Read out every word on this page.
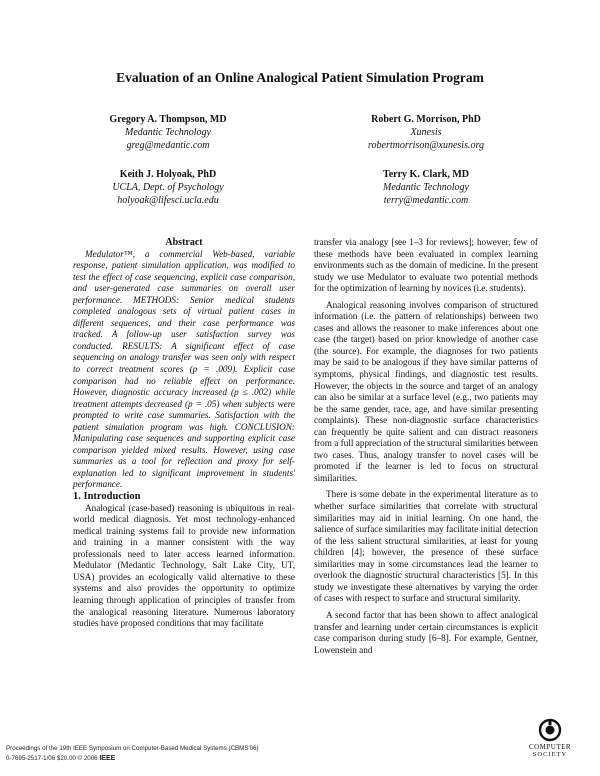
Evaluation of an Online Analogical Patient Simulation Program
Gregory A. Thompson, MD
Medantic Technology
greg@medantic.com
Robert G. Morrison, PhD
Xunesis
robertmorrison@xunesis.org
Keith J. Holyoak, PhD
UCLA, Dept. of Psychology
holyoak@lifesci.ucla.edu
Terry K. Clark, MD
Medantic Technology
terry@medantic.com

Abstract

Medulator™, a commercial Web-based, variable response, patient simulation application, was modified to test the effect of case sequencing, explicit case comparison, and user-generated case summaries on overall user performance. METHODS: Senior medical students completed analogous sets of virtual patient cases in different sequences, and their case performance was tracked. A follow-up user satisfaction survey was conducted. RESULTS: A significant effect of case sequencing on analogy transfer was seen only with respect to correct treatment scores (p = .009). Explicit case comparison had no reliable effect on performance. However, diagnostic accuracy increased (p ≤ .002) while treatment attempts decreased (p = .05) when subjects were prompted to write case summaries. Satisfaction with the patient simulation program was high. CONCLUSION: Manipulating case sequences and supporting explicit case comparison yielded mixed results. However, using case summaries as a tool for reflection and proxy for self-explanation led to significant improvement in students' performance.

1. Introduction

Analogical (case-based) reasoning is ubiquitous in real-world medical diagnosis. Yet most technology-enhanced medical training systems fail to provide new information and training in a manner consistent with the way professionals need to later access learned information. Medulator (Medantic Technology, Salt Lake City, UT, USA) provides an ecologically valid alternative to these systems and also provides the opportunity to optimize learning through application of principles of transfer from the analogical reasoning literature. Numerous laboratory studies have proposed conditions that may facilitate

transfer via analogy [see 1–3 for reviews]; however, few of these methods have been evaluated in complex learning environments such as the domain of medicine. In the present study we use Medulator to evaluate two potential methods for the optimization of learning by novices (i.e. students).

Analogical reasoning involves comparison of structured information (i.e. the pattern of relationships) between two cases and allows the reasoner to make inferences about one case (the target) based on prior knowledge of another case (the source). For example, the diagnoses for two patients may be said to be analogous if they have similar patterns of symptoms, physical findings, and diagnostic test results. However, the objects in the source and target of an analogy can also be similar at a surface level (e.g., two patients may be the same gender, race, age, and have similar presenting complaints). These non-diagnostic surface characteristics can frequently be quite salient and can distract reasoners from a full appreciation of the structural similarities between two cases. Thus, analogy transfer to novel cases will be promoted if the learner is led to focus on structural similarities.

There is some debate in the experimental literature as to whether surface similarities that correlate with structural similarities may aid in initial learning. On one hand, the salience of surface similarities may facilitate initial detection of the less salient structural similarities, at least for young children [4]; however, the presence of these surface similarities may in some circumstances lead the learner to overlook the diagnostic structural characteristics [5]. In this study we investigate these alternatives by varying the order of cases with respect to surface and structural similarity.

A second factor that has been shown to affect analogical transfer and learning under certain circumstances is explicit case comparison during study [6–8]. For example, Gentner, Lowenstein and

Proceedings of the 19th IEEE Symposium on Computer-Based Medical Systems (CBMS'06)
0-7695-2517-1/06 $20.00 © 2006 IEEE
COMPUTER
SOCIETY
